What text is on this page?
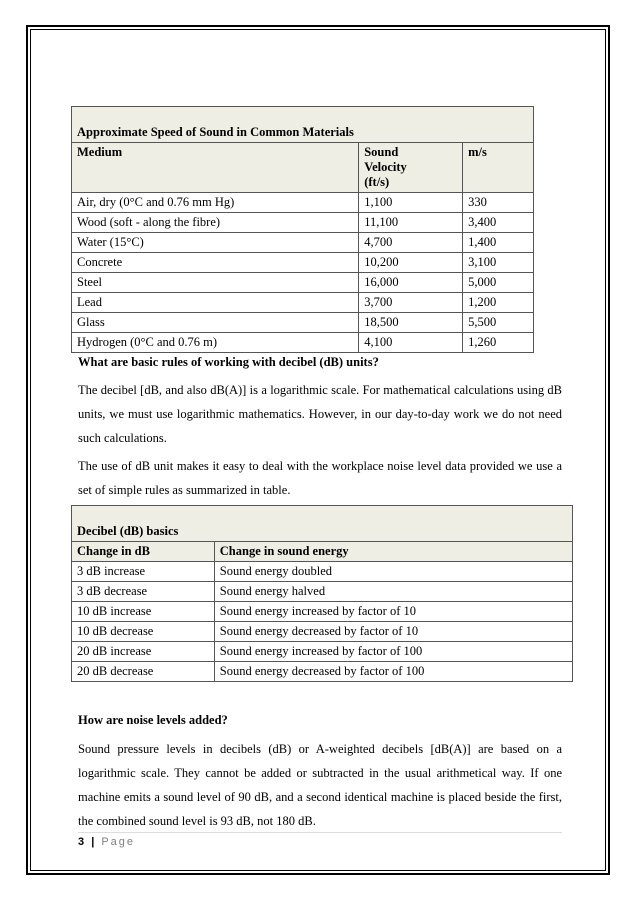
Approximate Speed of Sound in Common Materials		
Medium	Sound Velocity (ft/s)	m/s
Air, dry (0°C and 0.76 mm Hg)	1,100	330
Wood (soft - along the fibre)	11,100	3,400
Water (15°C)	4,700	1,400
Concrete	10,200	3,100
Steel	16,000	5,000
Lead	3,700	1,200
Glass	18,500	5,500
Hydrogen (0°C and 0.76 m)	4,100	1,260

What are basic rules of working with decibel (dB) units?

The decibel [dB, and also dB(A)] is a logarithmic scale. For mathematical calculations using dB units, we must use logarithmic mathematics. However, in our day-to-day work we do not need such calculations.

The use of dB unit makes it easy to deal with the workplace noise level data provided we use a set of simple rules as summarized in table.

Decibel (dB) basics	
Change in dB	Change in sound energy
3 dB increase	Sound energy doubled
3 dB decrease	Sound energy halved
10 dB increase	Sound energy increased by factor of 10
10 dB decrease	Sound energy decreased by factor of 10
20 dB increase	Sound energy increased by factor of 100
20 dB decrease	Sound energy decreased by factor of 100

How are noise levels added?

Sound pressure levels in decibels (dB) or A-weighted decibels [dB(A)] are based on a logarithmic scale. They cannot be added or subtracted in the usual arithmetical way. If one machine emits a sound level of 90 dB, and a second identical machine is placed beside the first, the combined sound level is 93 dB, not 180 dB.

3 | Page
